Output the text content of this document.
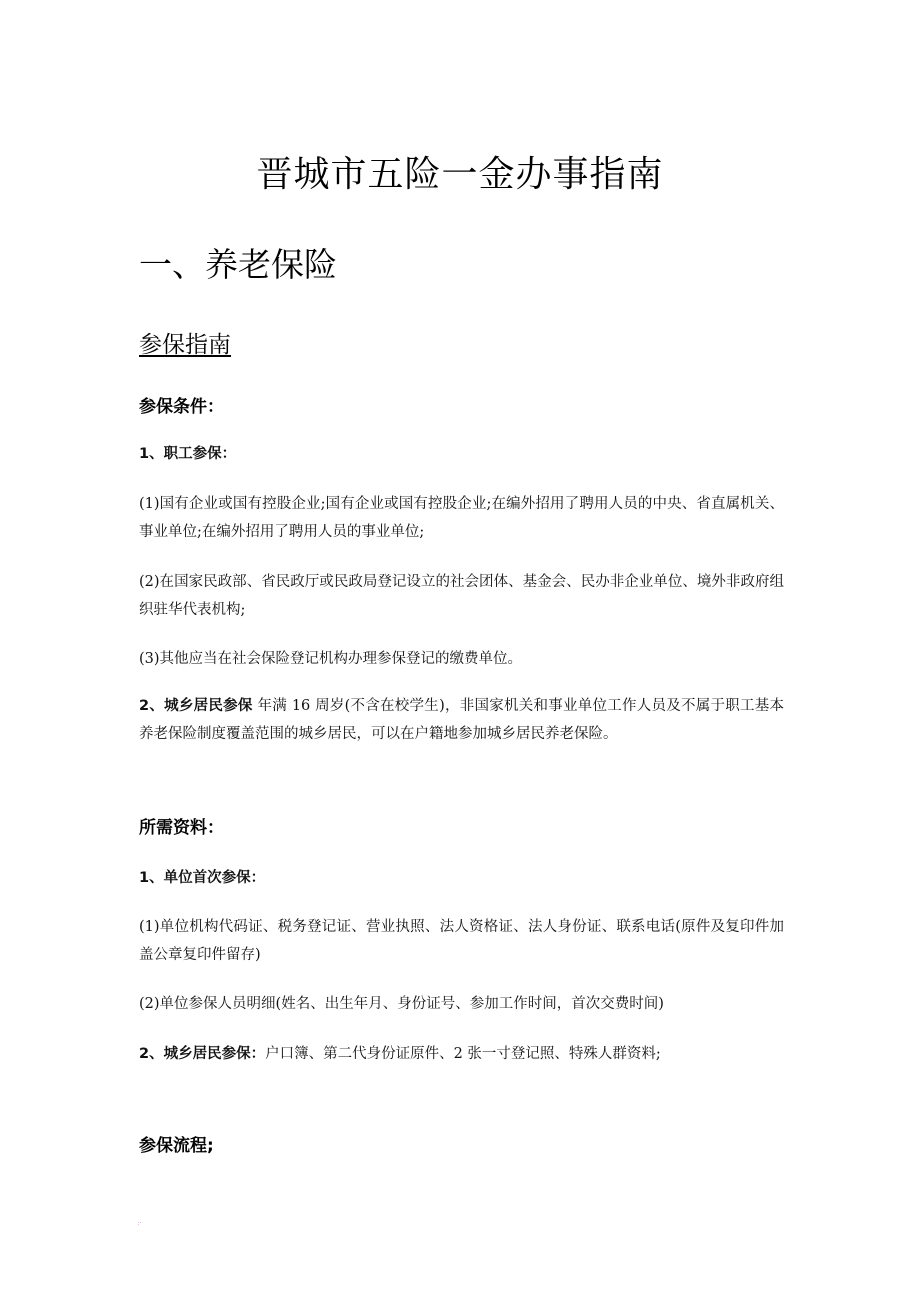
晋城市五险一金办事指南
一、养老保险
参保指南
参保条件：
1、职工参保：
(1)国有企业或国有控股企业;国有企业或国有控股企业;在编外招用了聘用人员的中央、省直属机关、事业单位;在编外招用了聘用人员的事业单位;
(2)在国家民政部、省民政厅或民政局登记设立的社会团体、基金会、民办非企业单位、境外非政府组织驻华代表机构;
(3)其他应当在社会保险登记机构办理参保登记的缴费单位。
2、城乡居民参保 年满 16 周岁(不含在校学生)，非国家机关和事业单位工作人员及不属于职工基本养老保险制度覆盖范围的城乡居民，可以在户籍地参加城乡居民养老保险。
所需资料：
1、单位首次参保：
(1)单位机构代码证、税务登记证、营业执照、法人资格证、法人身份证、联系电话(原件及复印件加盖公章复印件留存)
(2)单位参保人员明细(姓名、出生年月、身份证号、参加工作时间，首次交费时间)
2、城乡居民参保：户口簿、第二代身份证原件、2 张一寸登记照、特殊人群资料;
参保流程;
